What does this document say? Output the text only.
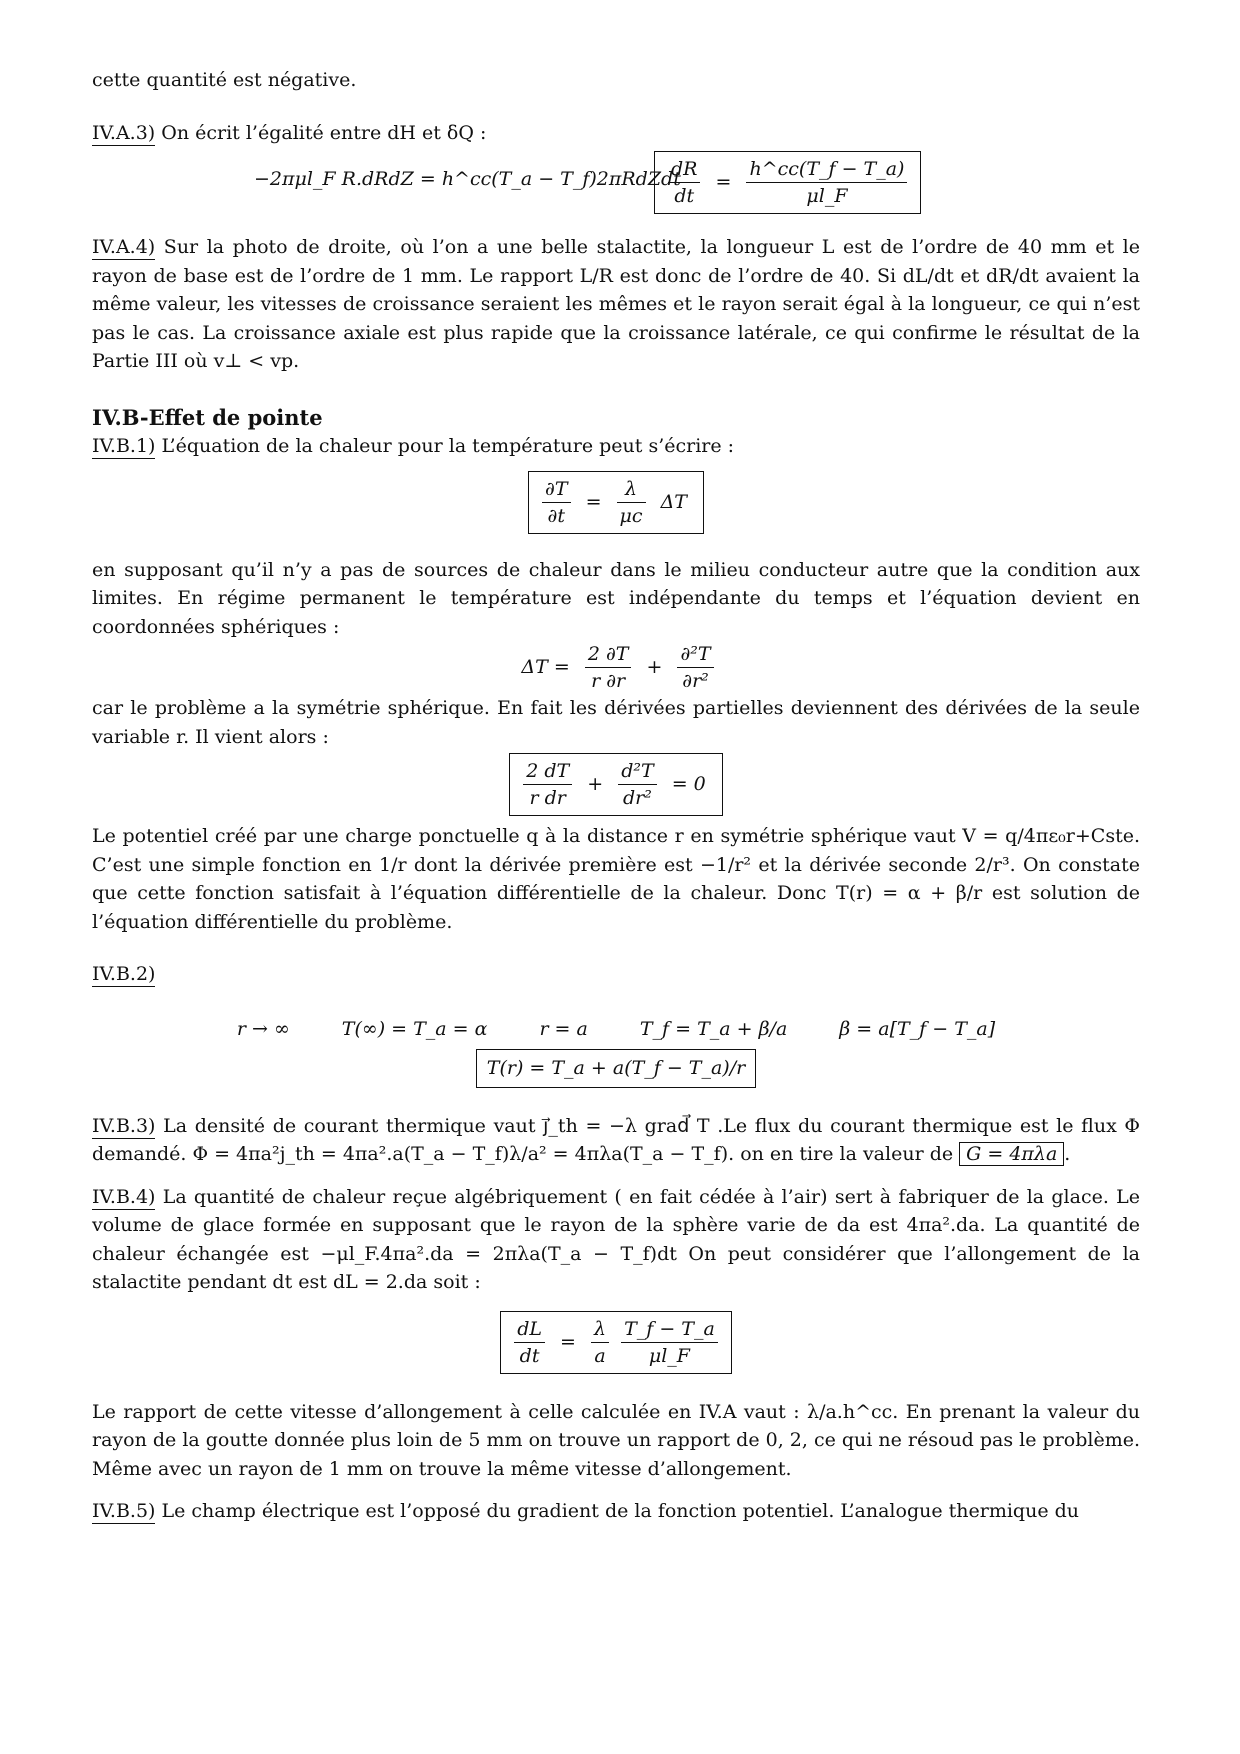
cette quantité est négative.

IV.A.3) On écrit l’égalité entre dH et δQ :

−2πμl_F R.dRdZ = h^cc(T_a − T_f)2πRdZdt
$\frac{dR}{dt} = \frac{h\^{}cc(T\_f - T\_a)}{\mu l\_F}$

IV.A.4) Sur la photo de droite, où l’on a une belle stalactite, la longueur L est de l’ordre de 40 mm et le rayon de base est de l’ordre de 1 mm. Le rapport L/R est donc de l’ordre de 40. Si dL/dt et dR/dt avaient la même valeur, les vitesses de croissance seraient les mêmes et le rayon serait égal à la longueur, ce qui n’est pas le cas. La croissance axiale est plus rapide que la croissance latérale, ce qui confirme le résultat de la Partie III où v⊥ < vp.

IV.B-Effet de pointe

IV.B.1) L’équation de la chaleur pour la température peut s’écrire :

$\frac{\partial T}{\partial t} = \frac{\lambda}{\mu c}$ ΔT

en supposant qu’il n’y a pas de sources de chaleur dans le milieu conducteur autre que la condition aux limites. En régime permanent le température est indépendante du temps et l’équation devient en coordonnées sphériques :

$\Delta T = \frac{2 \partial T}{r \partial r} + \frac{\text{∂²T}}{\text{∂r²}}$

car le problème a la symétrie sphérique. En fait les dérivées partielles deviennent des dérivées de la seule variable r. Il vient alors :

$\frac{2 dT}{\text{r dr}} + \frac{\text{d²T}}{\text{dr²}} = 0$

Le potentiel créé par une charge ponctuelle q à la distance r en symétrie sphérique vaut V = q/4πε₀r+Cste. C’est une simple fonction en 1/r dont la dérivée première est −1/r² et la dérivée seconde 2/r³. On constate que cette fonction satisfait à l’équation différentielle de la chaleur. Donc T(r) = α + β/r est solution de l’équation différentielle du problème.

IV.B.2)

r → ∞	T(∞) = T_a = α	r = a	T_f = T_a + β/a	β = a[T_f − T_a]
T(r) = T_a + a(T_f − T_a)/r

IV.B.3) La densité de courant thermique vaut j⃗_th = −λ grad⃗ T .Le flux du courant thermique est le flux Φ demandé. Φ = 4πa²j_th = 4πa².a(T_a − T_f)λ/a² = 4πλa(T_a − T_f). on en tire la valeur de G = 4πλa .

IV.B.4) La quantité de chaleur reçue algébriquement ( en fait cédée à l’air) sert à fabriquer de la glace. Le volume de glace formée en supposant que le rayon de la sphère varie de da est 4πa².da. La quantité de chaleur échangée est −μl_F.4πa².da = 2πλa(T_a − T_f)dt On peut considérer que l’allongement de la stalactite pendant dt est dL = 2.da soit :

$\frac{dL}{dt} = \frac{\lambda}{a}$
$\frac{T\_f - T\_a}{\mu l\_F}$

Le rapport de cette vitesse d’allongement à celle calculée en IV.A vaut : λ/a.h^cc. En prenant la valeur du rayon de la goutte donnée plus loin de 5 mm on trouve un rapport de 0, 2, ce qui ne résoud pas le problème. Même avec un rayon de 1 mm on trouve la même vitesse d’allongement.

IV.B.5) Le champ électrique est l’opposé du gradient de la fonction potentiel. L’analogue thermique du
